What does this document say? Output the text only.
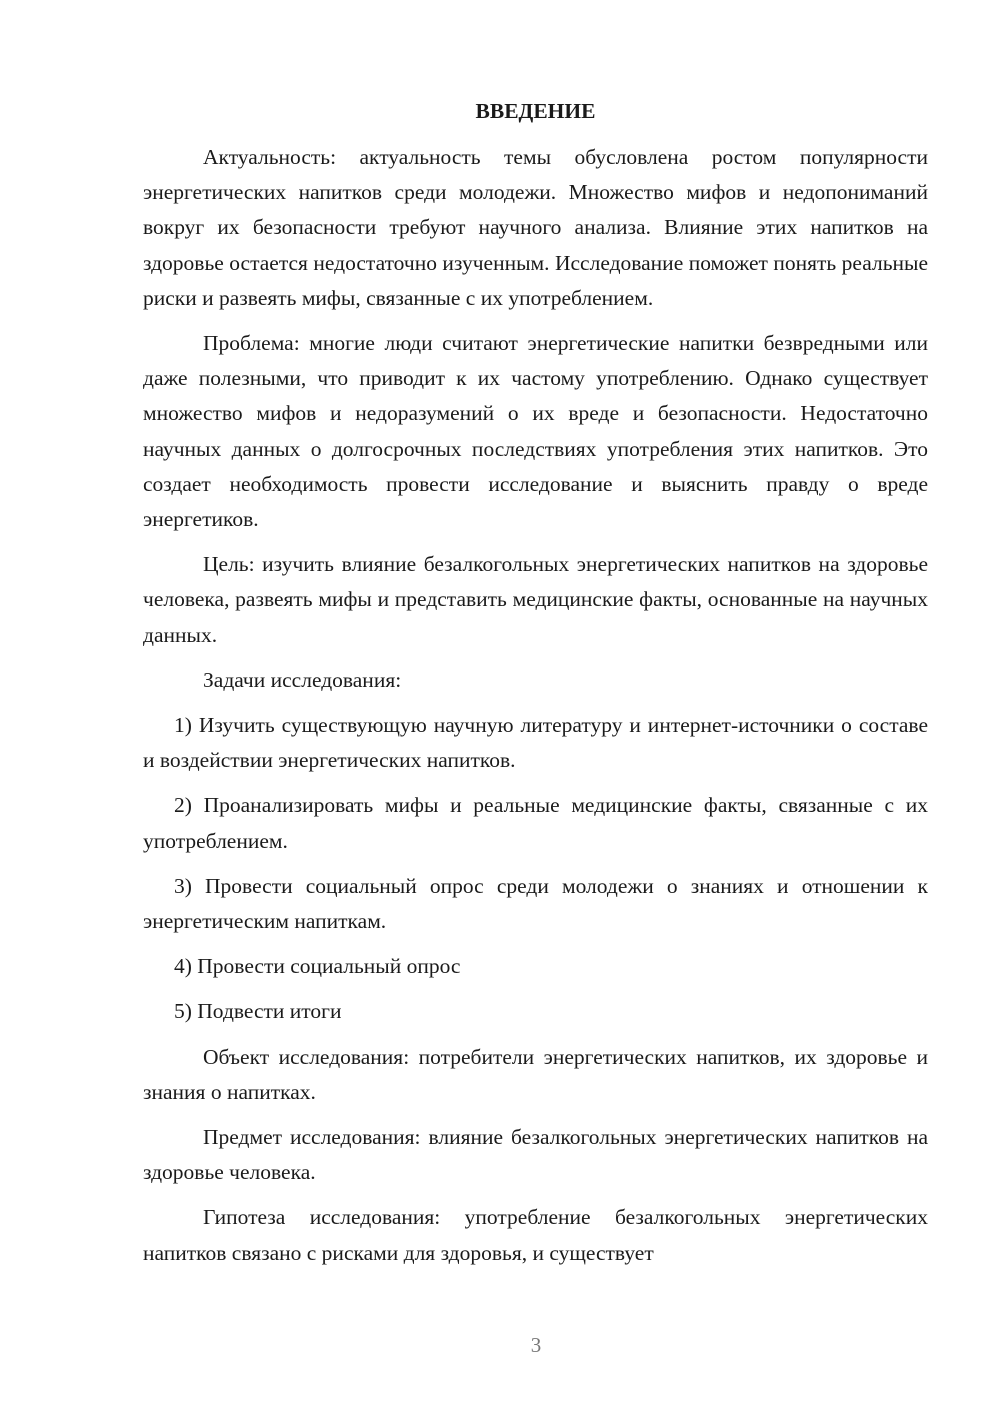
ВВЕДЕНИЕ

Актуальность: актуальность темы обусловлена ростом популярности энергетических напитков среди молодежи. Множество мифов и недопониманий вокруг их безопасности требуют научного анализа. Влияние этих напитков на здоровье остается недостаточно изученным. Исследование поможет понять реальные риски и развеять мифы, связанные с их употреблением.

Проблема: многие люди считают энергетические напитки безвредными или даже полезными, что приводит к их частому употреблению. Однако существует множество мифов и недоразумений о их вреде и безопасности. Недостаточно научных данных о долгосрочных последствиях употребления этих напитков. Это создает необходимость провести исследование и выяснить правду о вреде энергетиков.

Цель: изучить влияние безалкогольных энергетических напитков на здоровье человека, развеять мифы и представить медицинские факты, основанные на научных данных.

Задачи исследования:

1) Изучить существующую научную литературу и интернет-источники о составе и воздействии энергетических напитков.

2) Проанализировать мифы и реальные медицинские факты, связанные с их употреблением.

3) Провести социальный опрос среди молодежи о знаниях и отношении к энергетическим напиткам.

4) Провести социальный опрос

5) Подвести итоги

Объект исследования: потребители энергетических напитков, их здоровье и знания о напитках.

Предмет исследования: влияние безалкогольных энергетических напитков на здоровье человека.

Гипотеза исследования: употребление безалкогольных энергетических напитков связано с рисками для здоровья, и существует

3
